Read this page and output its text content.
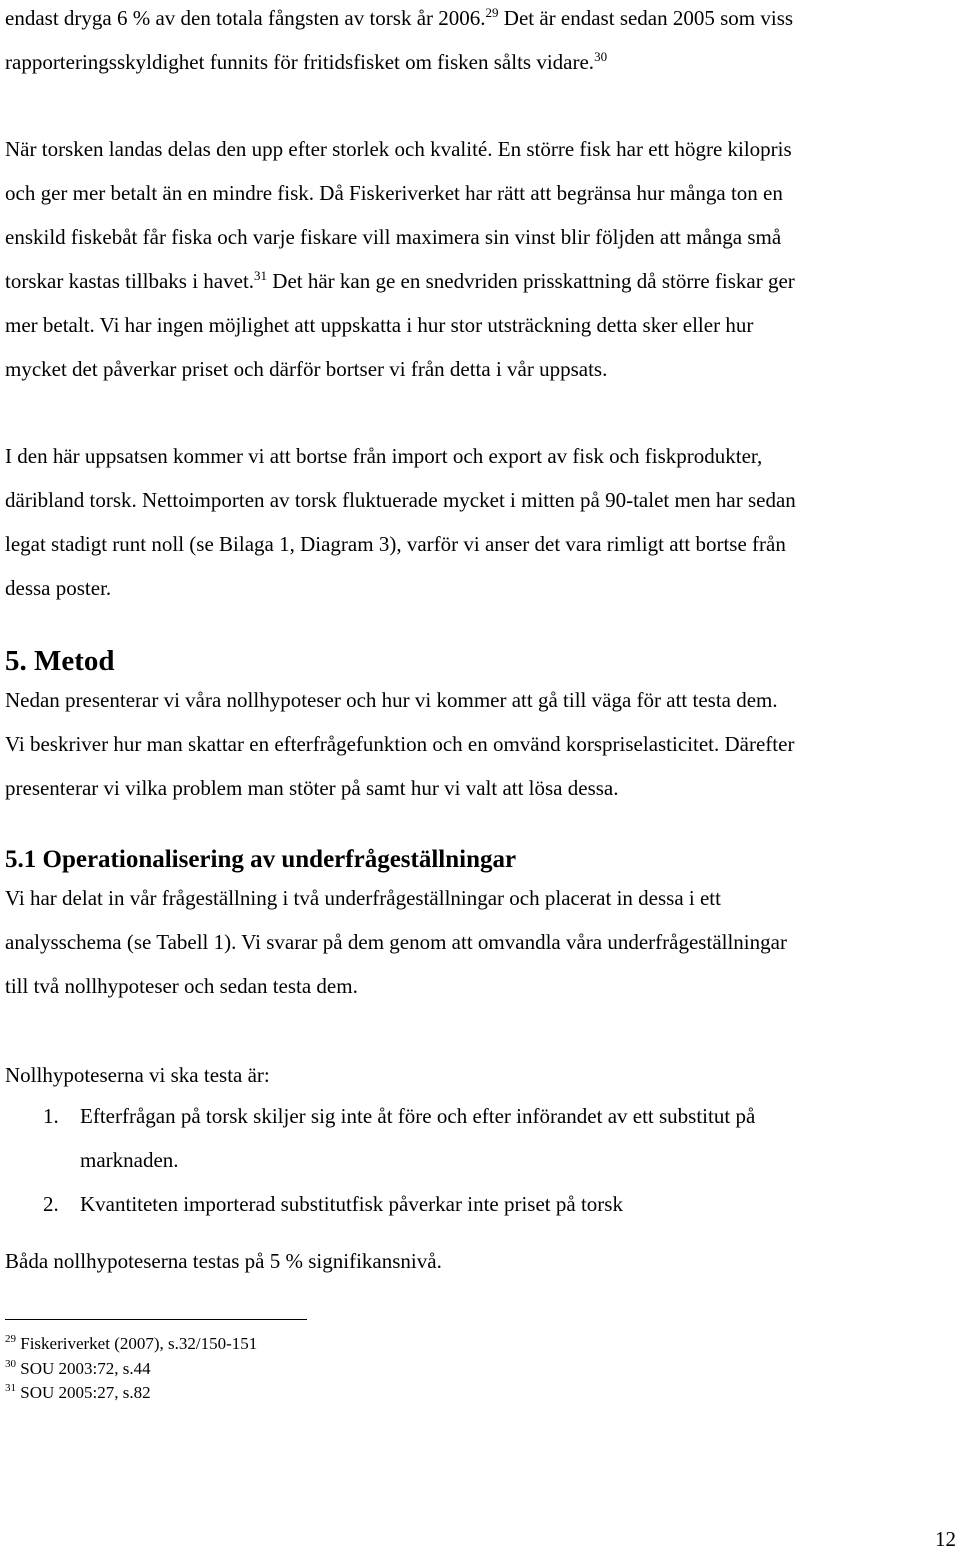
endast dryga 6 % av den totala fångsten av torsk år 2006.29 Det är endast sedan 2005 som viss
rapporteringsskyldighet funnits för fritidsfisket om fisken sålts vidare.$^{30}$

När torsken landas delas den upp efter storlek och kvalité. En större fisk har ett högre kilopris
och ger mer betalt än en mindre fisk. Då Fiskeriverket har rätt att begränsa hur många ton en
enskild fiskebåt får fiska och varje fiskare vill maximera sin vinst blir följden att många små
torskar kastas tillbaks i havet.$^{31}$ Det här kan ge en snedvriden prisskattning då större fiskar ger
mer betalt. Vi har ingen möjlighet att uppskatta i hur stor utsträckning detta sker eller hur
mycket det påverkar priset och därför bortser vi från detta i vår uppsats.

I den här uppsatsen kommer vi att bortse från import och export av fisk och fiskprodukter,
däribland torsk. Nettoimporten av torsk fluktuerade mycket i mitten på 90-talet men har sedan
legat stadigt runt noll (se Bilaga 1, Diagram 3), varför vi anser det vara rimligt att bortse från
dessa poster.

5. Metod

Nedan presenterar vi våra nollhypoteser och hur vi kommer att gå till väga för att testa dem.
Vi beskriver hur man skattar en efterfrågefunktion och en omvänd korspriselasticitet. Därefter
presenterar vi vilka problem man stöter på samt hur vi valt att lösa dessa.

5.1 Operationalisering av underfrågeställningar

Vi har delat in vår frågeställning i två underfrågeställningar och placerat in dessa i ett
analysschema (se Tabell 1). Vi svarar på dem genom att omvandla våra underfrågeställningar
till två nollhypoteser och sedan testa dem.

Nollhypoteserna vi ska testa är:

1. Efterfrågan på torsk skiljer sig inte åt före och efter införandet av ett substitut på
marknaden.
2. Kvantiteten importerad substitutfisk påverkar inte priset på torsk

Båda nollhypoteserna testas på 5 % signifikansnivå.

$^{29}$ Fiskeriverket (2007), s.32/150-151
$^{30}$ SOU 2003:72, s.44
$^{31}$ SOU 2005:27, s.82
12
